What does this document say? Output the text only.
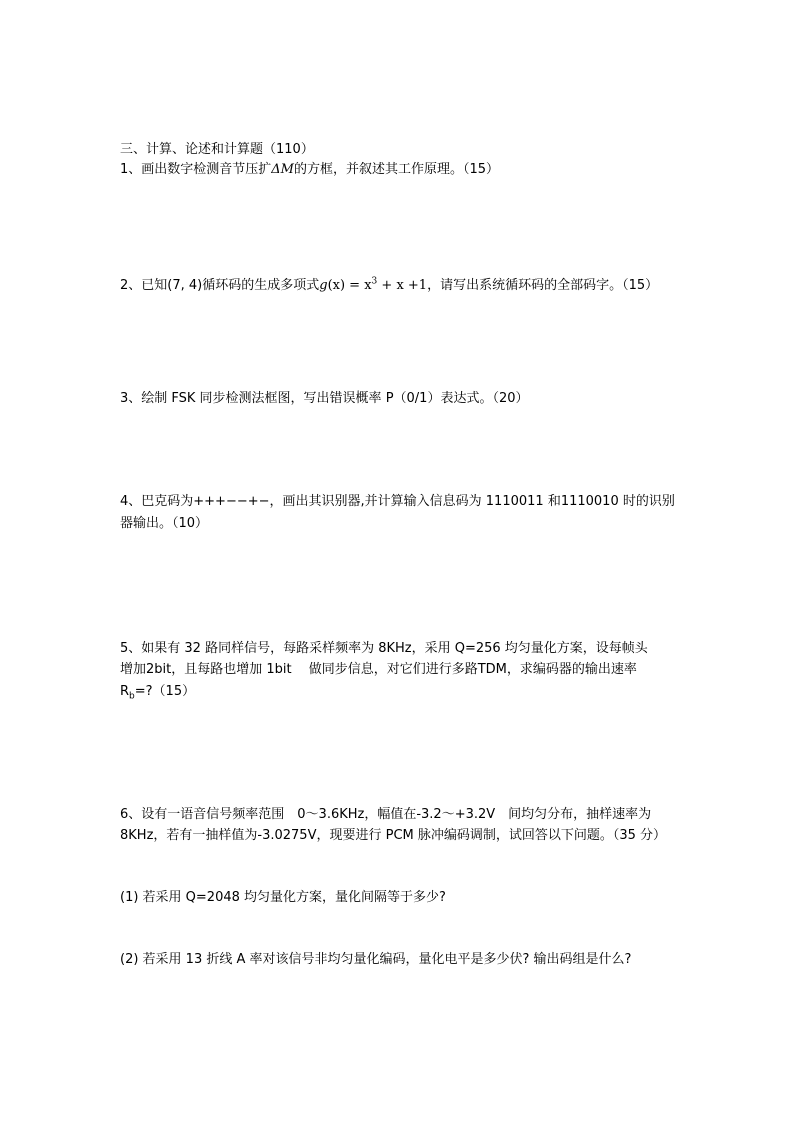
三、计算、论述和计算题（110）
1、画出数字检测音节压扩ΔM的方框，并叙述其工作原理。（15）
2、已知(7, 4)循环码的生成多项式$g(x) = x^3 + x +1$，请写出系统循环码的全部码字。（15）
3、绘制 FSK 同步检测法框图，写出错误概率 P（0/1）表达式。（20）
4、巴克码为+++−−+−，画出其识别器,并计算输入信息码为 1110011 和1110010 时的识别
器输出。（10）
5、如果有 32 路同样信号，每路采样频率为 8KHz，采用 Q=256 均匀量化方案，设每帧头
增加2bit，且每路也增加 1bit　 做同步信息，对它们进行多路TDM，求编码器的输出速率
$R_b=?(15)$
6、设有一语音信号频率范围　0～3.6KHz，幅值在-3.2～+3.2V　间均匀分布，抽样速率为
8KHz，若有一抽样值为-3.0275V，现要进行 PCM 脉冲编码调制，试回答以下问题。（35 分）
(1) 若采用 Q=2048 均匀量化方案，量化间隔等于多少?
(2) 若采用 13 折线 A 率对该信号非均匀量化编码，量化电平是多少伏? 输出码组是什么?
